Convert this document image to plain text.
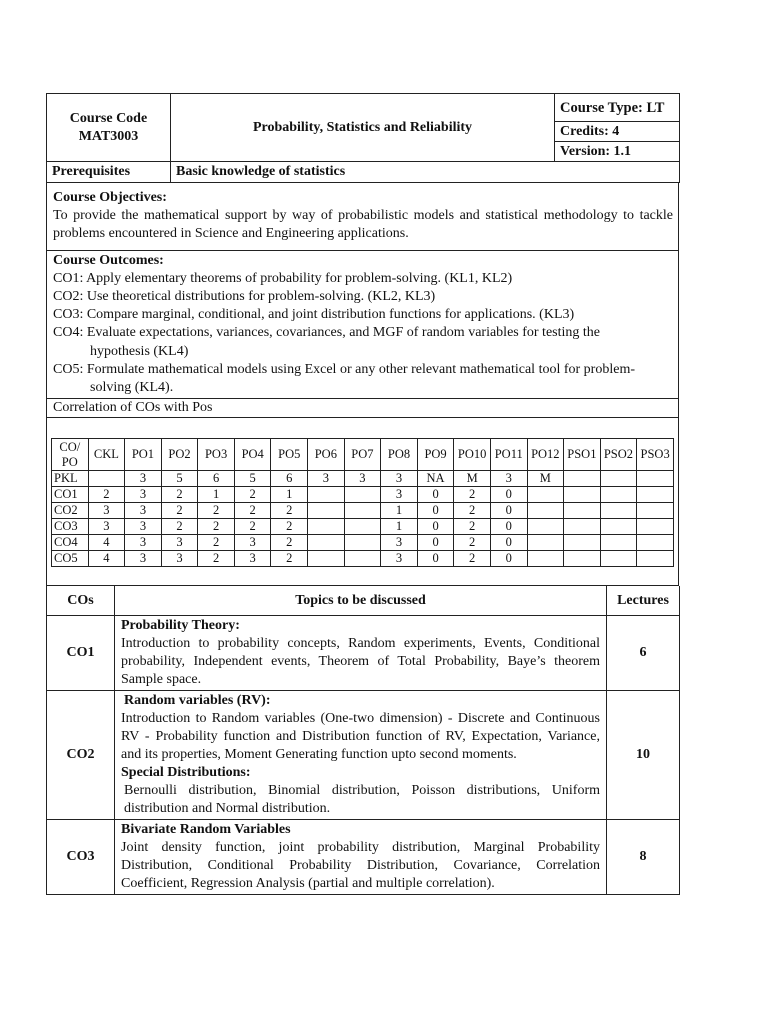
Course Code
MAT3003	Probability, Statistics and Reliability	Course Type: LT
		Credits: 4
		Version: 1.1
Prerequisites	Basic knowledge of statistics	
Course Objectives:
To provide the mathematical support by way of probabilistic models and statistical methodology to tackle problems encountered in Science and Engineering applications.
Course Outcomes:
CO1: Apply elementary theorems of probability for problem-solving. (KL1, KL2)
CO2: Use theoretical distributions for problem-solving. (KL2, KL3)
CO3: Compare marginal, conditional, and joint distribution functions for applications. (KL3)
CO4: Evaluate expectations, variances, covariances, and MGF of random variables for testing the
hypothesis (KL4)
CO5: Formulate mathematical models using Excel or any other relevant mathematical tool for problem-
solving (KL4).
Correlation of COs with Pos
CO/
PO	CKL	PO1	PO2	PO3	PO4	PO5	PO6	PO7	PO8	PO9	PO10	PO11	PO12	PSO1	PSO2	PSO3
PKL		3	5	6	5	6	3	3	3	NA	M	3	M			
CO1	2	3	2	1	2	1			3	0	2	0				
CO2	3	3	2	2	2	2			1	0	2	0				
CO3	3	3	2	2	2	2			1	0	2	0				
CO4	4	3	3	2	3	2			3	0	2	0				
CO5	4	3	3	2	3	2			3	0	2	0				
COs	Topics to be discussed	Lectures
CO1	Probability Theory:
Introduction to probability concepts, Random experiments, Events, Conditional probability, Independent events, Theorem of Total Probability, Baye’s theorem Sample space.	6
CO2	Random variables (RV):
Introduction to Random variables (One-two dimension) - Discrete and Continuous RV - Probability function and Distribution function of RV, Expectation, Variance, and its properties, Moment Generating function upto second moments.
Special Distributions:
Bernoulli distribution, Binomial distribution, Poisson distributions, Uniform distribution and Normal distribution.	10
CO3	Bivariate Random Variables
Joint density function, joint probability distribution, Marginal Probability Distribution, Conditional Probability Distribution, Covariance, Correlation Coefficient, Regression Analysis (partial and multiple correlation).	8
